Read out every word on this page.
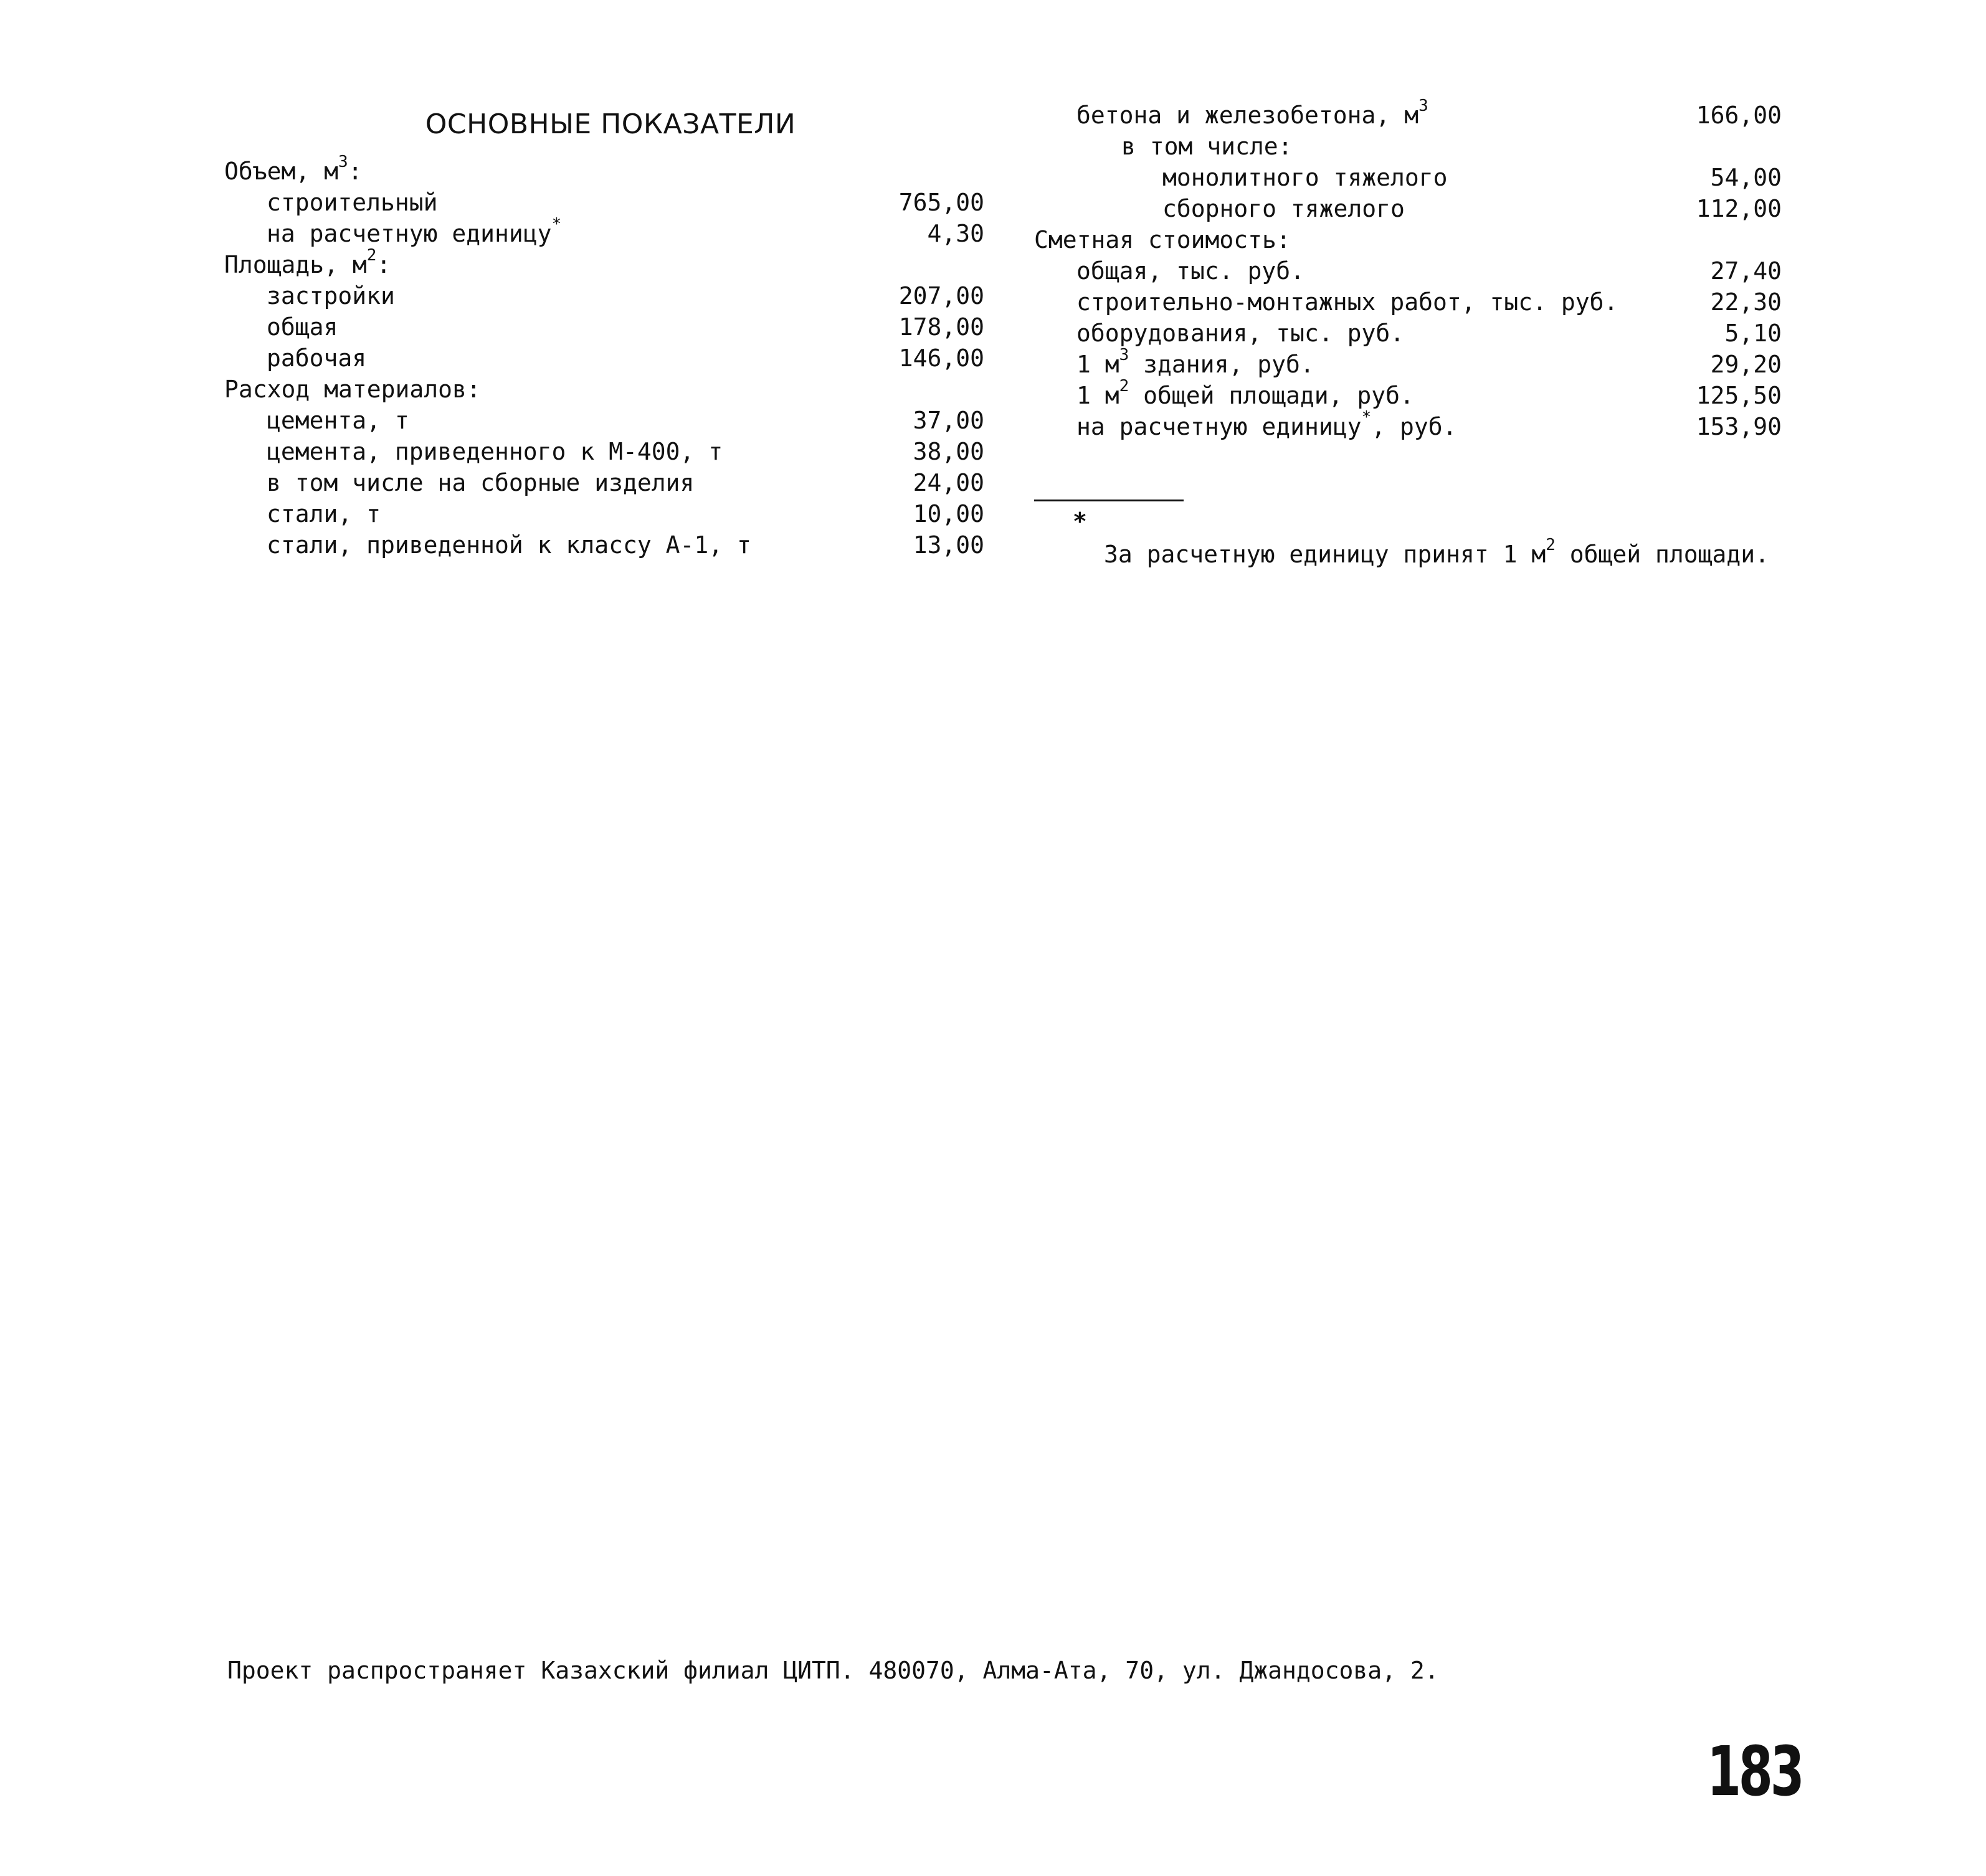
ОСНОВНЫЕ ПОКАЗАТЕЛИ
Объем, $м^3$:
строительный	765,00
на расчетную единицу*	4,30
Площадь, $м^2$:
застройки	207,00
общая	178,00
рабочая	146,00
Расход материалов:
цемента, т	37,00
цемента, приведенного к М-400, т	38,00
в том числе на сборные изделия	24,00
стали, т	10,00
стали, приведенной к классу А-1, т	13,00
бетона и железобетона, $м^3$	166,00
в том числе:
монолитного тяжелого	54,00
сборного тяжелого	112,00
Сметная стоимость:
общая, тыс. руб.	27,40
строительно-монтажных работ, тыс. руб.	22,30
оборудования, тыс. руб.	5,10
1 $м^3$ здания, руб.	29,20
1 $м^2$ общей площади, руб.	125,50
на расчетную единицу*, руб.	153,90
*
За расчетную единицу принят 1 $м^2$ общей площади.
Проект распространяет Казахский филиал ЦИТП. 480070, Алма-Ата, 70, ул. Джандосова, 2.
183
